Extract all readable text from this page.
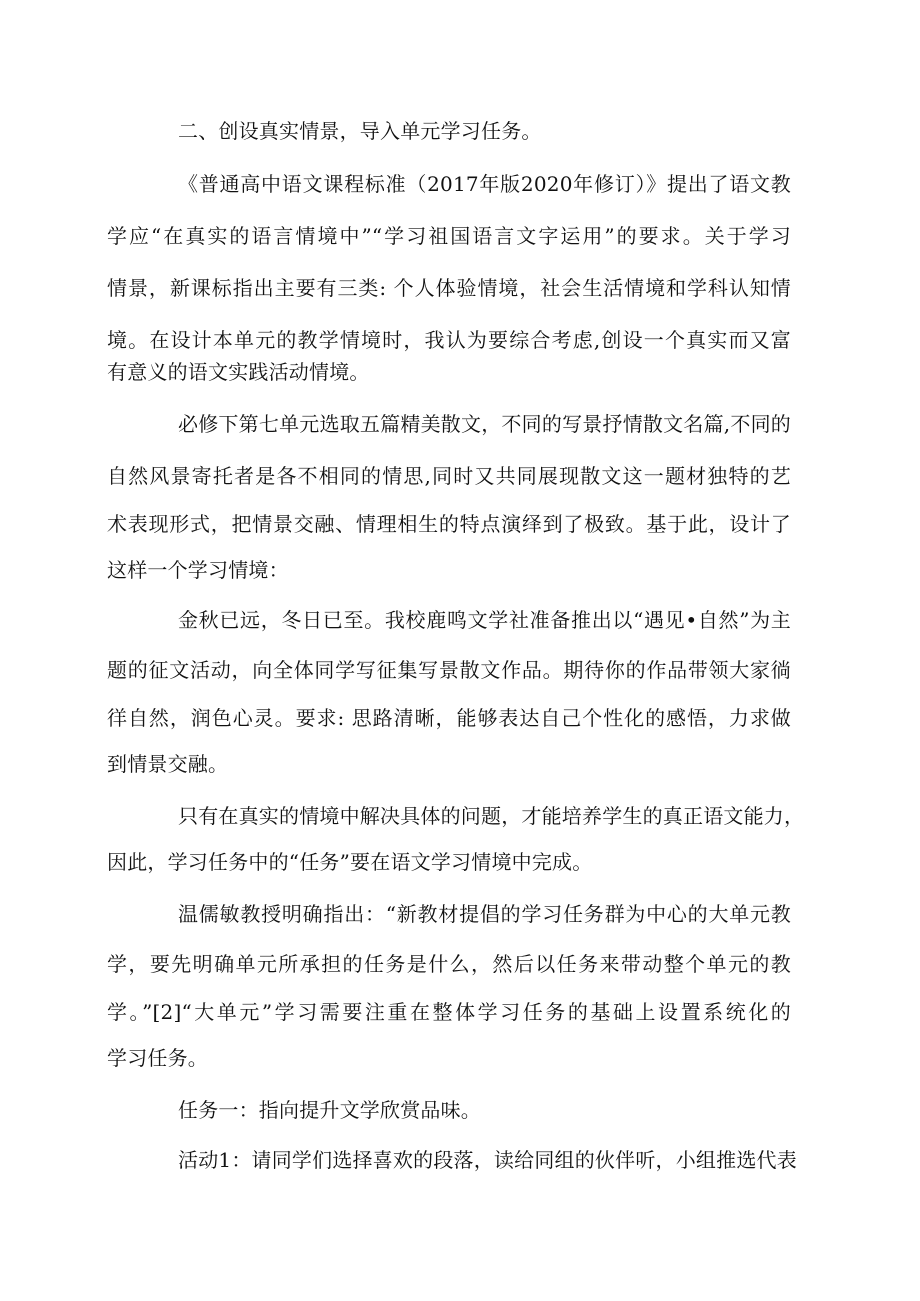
二、创设真实情景，导入单元学习任务。

《普通高中语文课程标准（2017年版2020年修订）》提出了语文教

学应“在真实的语言情境中”“学习祖国语言文字运用”的要求。关于学习

情景，新课标指出主要有三类: 个人体验情境，社会生活情境和学科认知情

境。在设计本单元的教学情境时，我认为要综合考虑,创设一个真实而又富

有意义的语文实践活动情境。

必修下第七单元选取五篇精美散文，不同的写景抒情散文名篇,不同的

自然风景寄托者是各不相同的情思,同时又共同展现散文这一题材独特的艺

术表现形式，把情景交融、情理相生的特点演绎到了极致。基于此，设计了

这样一个学习情境：

金秋已远，冬日已至。我校鹿鸣文学社准备推出以“遇见•自然”为主

题的征文活动，向全体同学写征集写景散文作品。期待你的作品带领大家徜

徉自然，润色心灵。要求: 思路清晰，能够表达自己个性化的感悟，力求做

到情景交融。

只有在真实的情境中解决具体的问题，才能培养学生的真正语文能力，

因此，学习任务中的“任务”要在语文学习情境中完成。

温儒敏教授明确指出：“新教材提倡的学习任务群为中心的大单元教

学，要先明确单元所承担的任务是什么，然后以任务来带动整个单元的教

学。”[2]“大单元”学习需要注重在整体学习任务的基础上设置系统化的

学习任务。

任务一：指向提升文学欣赏品味。

活动1：请同学们选择喜欢的段落，读给同组的伙伴听，小组推选代表
